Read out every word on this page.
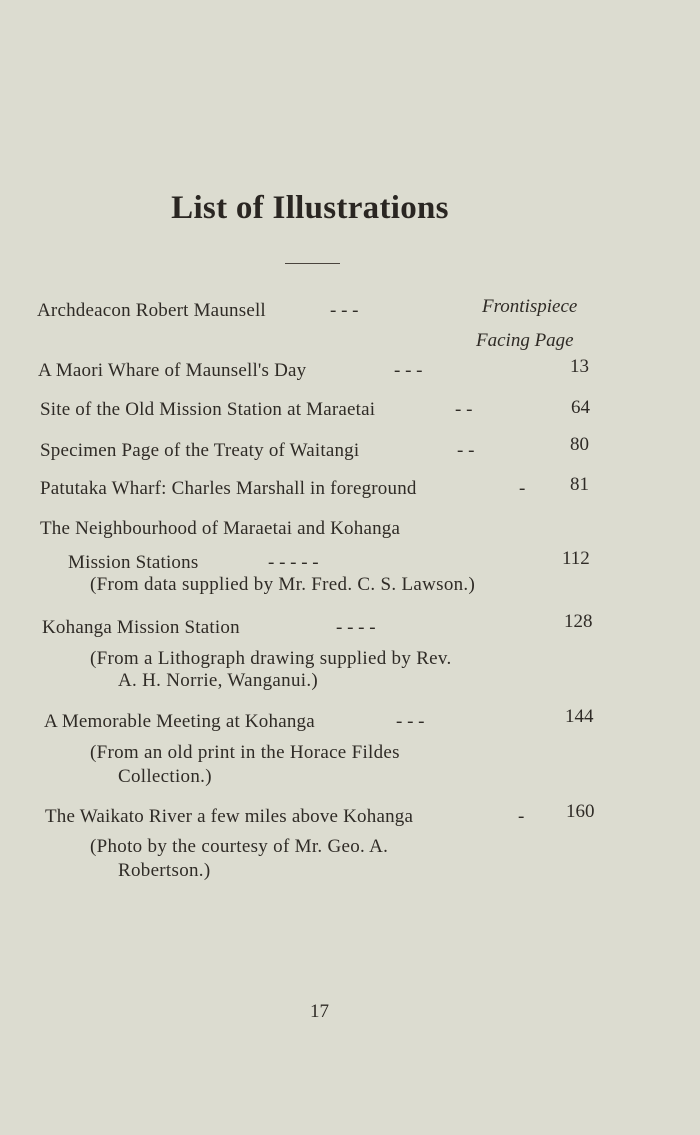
List of Illustrations
Archdeacon Robert Maunsell	- - -	Frontispiece
Facing Page
A Maori Whare of Maunsell's Day	- - -	13
Site of the Old Mission Station at Maraetai	- -	64
Specimen Page of the Treaty of Waitangi	- -	80
Patutaka Wharf: Charles Marshall in foreground	- 81
The Neighbourhood of Maraetai and Kohanga
Mission Stations	- - - - -	112
(From data supplied by Mr. Fred. C. S. Lawson.)
Kohanga Mission Station	- - - -	128
(From a Lithograph drawing supplied by Rev.
A. H. Norrie, Wanganui.)
A Memorable Meeting at Kohanga	- - -	144
(From an old print in the Horace Fildes
Collection.)
The Waikato River a few miles above Kohanga	- 160
(Photo by the courtesy of Mr. Geo. A.
Robertson.)
17
